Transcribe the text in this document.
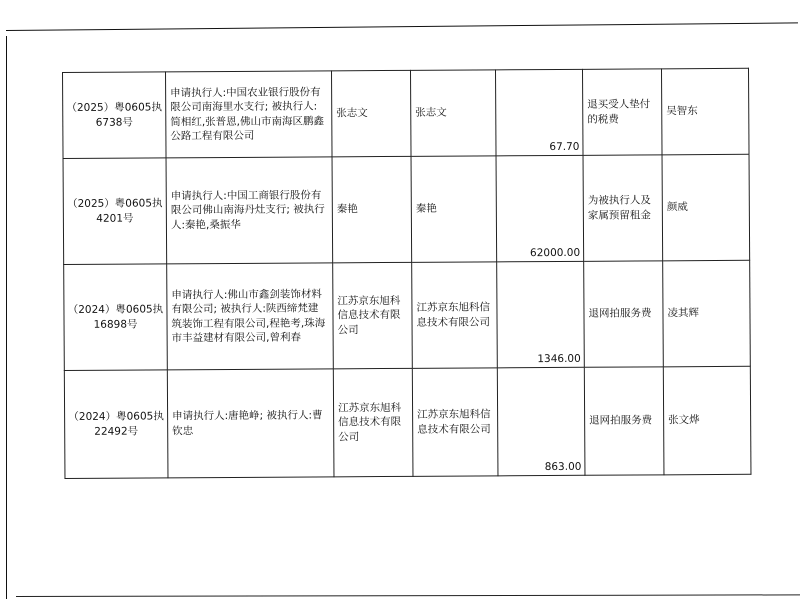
（2025）粤0605执6738号	申请执行人:中国农业银行股份有限公司南海里水支行; 被执行人:简相红,张普恩,佛山市南海区鹏鑫公路工程有限公司	张志文	张志文	67.70	退买受人垫付的税费	吴智东

（2025）粤0605执4201号	申请执行人:中国工商银行股份有限公司佛山南海丹灶支行; 被执行人:秦艳,桑振华	秦艳	秦艳	62000.00	为被执行人及家属预留租金	颜威

（2024）粤0605执16898号	申请执行人:佛山市鑫剑装饰材料有限公司; 被执行人:陕西缔梵建筑装饰工程有限公司,程艳考,珠海市丰益建材有限公司,曾利春	江苏京东旭科信息技术有限公司	江苏京东旭科信息技术有限公司	1346.00	退网拍服务费	凌其辉

（2024）粤0605执22492号	申请执行人:唐艳峥; 被执行人:曹钦忠	江苏京东旭科信息技术有限公司	江苏京东旭科信息技术有限公司	863.00	退网拍服务费	张文烨
